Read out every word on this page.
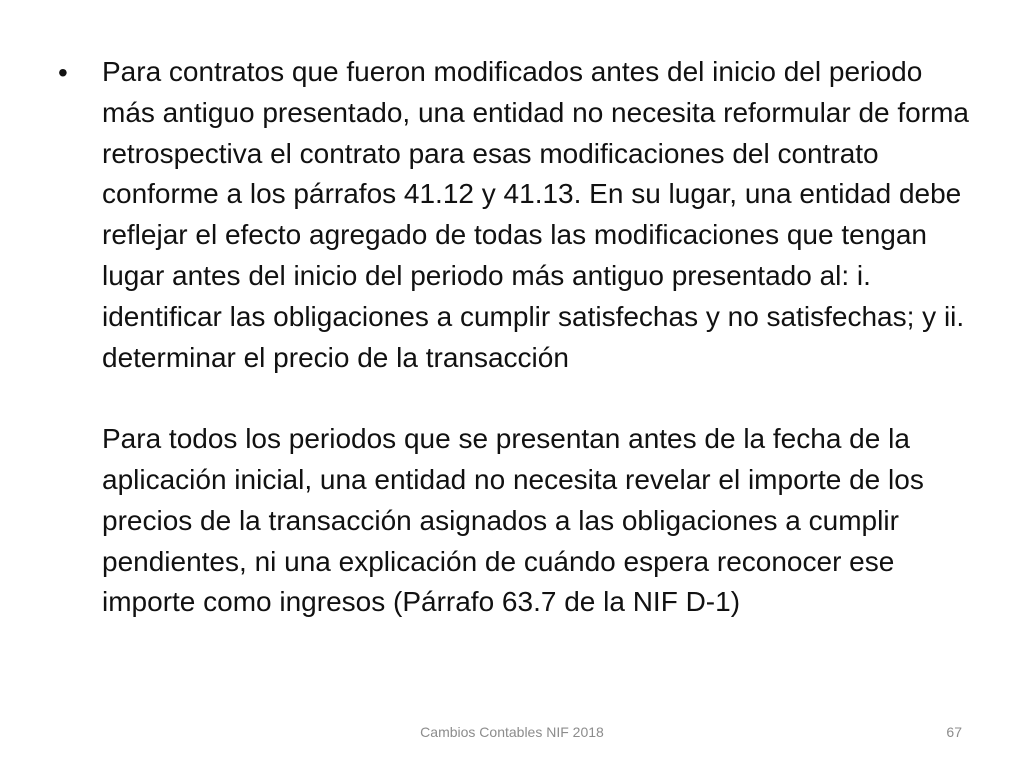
•	Para contratos que fueron modificados antes del inicio del periodo más antiguo presentado, una entidad no necesita reformular de forma retrospectiva el contrato para esas modificaciones del contrato conforme a los párrafos 41.12 y 41.13. En su lugar, una entidad debe reflejar el efecto agregado de todas las modificaciones que tengan lugar antes del inicio del periodo más antiguo presentado al: i. identificar las obligaciones a cumplir satisfechas y no satisfechas; y ii. determinar el precio de la transacción

Para todos los periodos que se presentan antes de la fecha de la aplicación inicial, una entidad no necesita revelar el importe de los precios de la transacción asignados a las obligaciones a cumplir pendientes, ni una explicación de cuándo espera reconocer ese importe como ingresos (Párrafo 63.7 de la NIF D-1)

Cambios Contables NIF 2018	67
